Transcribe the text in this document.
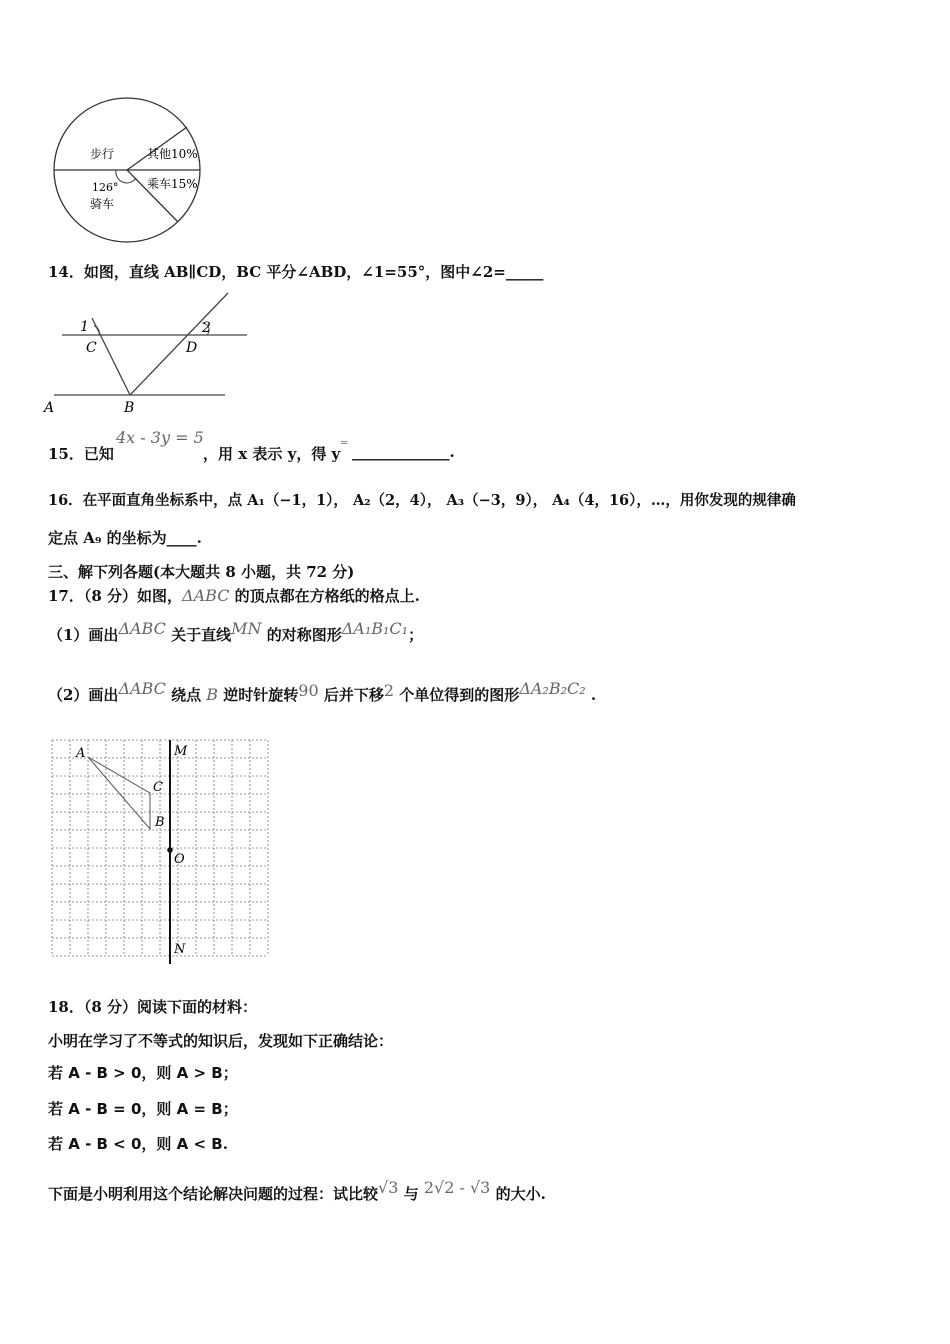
步行	其他10%
乘车15%
126°
骑车
14．如图，直线 AB∥CD，BC 平分∠ABD，∠1=55°，图中∠2=_____
1	2
C	D
A	B
15．已知
4x - 3y = 5
，用 x 表示 y，得 y
= _____________.
16．在平面直角坐标系中，点 A₁（−1，1）， A₂（2，4）， A₃（−3，9）， A₄（4，16），…，用你发现的规律确
定点 A₉ 的坐标为____.
三、解下列各题(本大题共 8 小题，共 72 分)
17．（8 分）如图，ΔABC 的顶点都在方格纸的格点上.
（1）画出ΔABC 关于直线MN 的对称图形ΔA₁B₁C₁；
（2）画出ΔABC 绕点 B 逆时针旋转90 后并下移2 个单位得到的图形ΔA₂B₂C₂ .
A
C
B
M
O
N
18．（8 分）阅读下面的材料：
小明在学习了不等式的知识后，发现如下正确结论：
若 A - B > 0，则 A > B；
若 A - B = 0，则 A = B；
若 A - B < 0，则 A < B.
下面是小明利用这个结论解决问题的过程：试比较√3 与 2√2 - √3 的大小.
